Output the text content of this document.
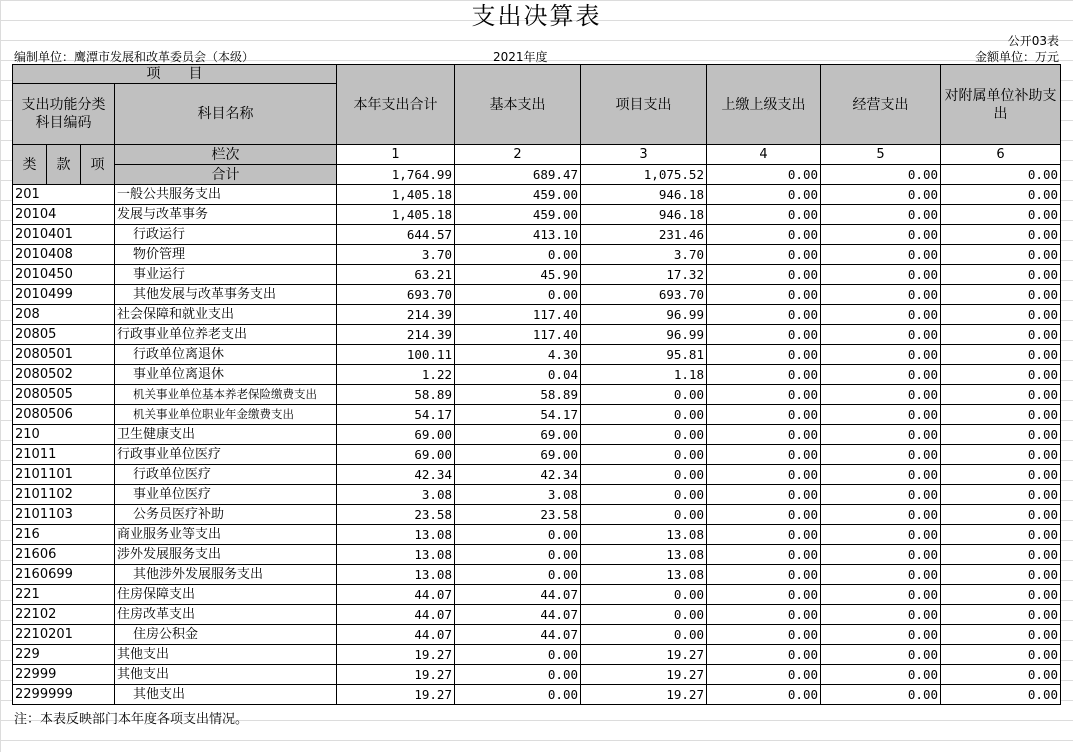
支出决算表
公开03表
编制单位：鹰潭市发展和改革委员会（本级）	2021年度	金额单位：万元
项　　目				本年支出合计	基本支出	项目支出	上缴上级支出	经营支出	对附属单位补助支出
支出功能分类科目编码			科目名称						

类	款	项	栏次	1	2	3	4	5	6
			合计	1,764.99	689.47	1,075.52	0.00	0.00	0.00
201			一般公共服务支出	1,405.18	459.00	946.18	0.00	0.00	0.00
20104			发展与改革事务	1,405.18	459.00	946.18	0.00	0.00	0.00
2010401			行政运行	644.57	413.10	231.46	0.00	0.00	0.00
2010408			物价管理	3.70	0.00	3.70	0.00	0.00	0.00
2010450			事业运行	63.21	45.90	17.32	0.00	0.00	0.00
2010499			其他发展与改革事务支出	693.70	0.00	693.70	0.00	0.00	0.00
208			社会保障和就业支出	214.39	117.40	96.99	0.00	0.00	0.00
20805			行政事业单位养老支出	214.39	117.40	96.99	0.00	0.00	0.00
2080501			行政单位离退休	100.11	4.30	95.81	0.00	0.00	0.00
2080502			事业单位离退休	1.22	0.04	1.18	0.00	0.00	0.00
2080505			机关事业单位基本养老保险缴费支出	58.89	58.89	0.00	0.00	0.00	0.00
2080506			机关事业单位职业年金缴费支出	54.17	54.17	0.00	0.00	0.00	0.00
210			卫生健康支出	69.00	69.00	0.00	0.00	0.00	0.00
21011			行政事业单位医疗	69.00	69.00	0.00	0.00	0.00	0.00
2101101			行政单位医疗	42.34	42.34	0.00	0.00	0.00	0.00
2101102			事业单位医疗	3.08	3.08	0.00	0.00	0.00	0.00
2101103			公务员医疗补助	23.58	23.58	0.00	0.00	0.00	0.00
216			商业服务业等支出	13.08	0.00	13.08	0.00	0.00	0.00
21606			涉外发展服务支出	13.08	0.00	13.08	0.00	0.00	0.00
2160699			其他涉外发展服务支出	13.08	0.00	13.08	0.00	0.00	0.00
221			住房保障支出	44.07	44.07	0.00	0.00	0.00	0.00
22102			住房改革支出	44.07	44.07	0.00	0.00	0.00	0.00
2210201			住房公积金	44.07	44.07	0.00	0.00	0.00	0.00
229			其他支出	19.27	0.00	19.27	0.00	0.00	0.00
22999			其他支出	19.27	0.00	19.27	0.00	0.00	0.00
2299999			其他支出	19.27	0.00	19.27	0.00	0.00	0.00
注：本表反映部门本年度各项支出情况。
